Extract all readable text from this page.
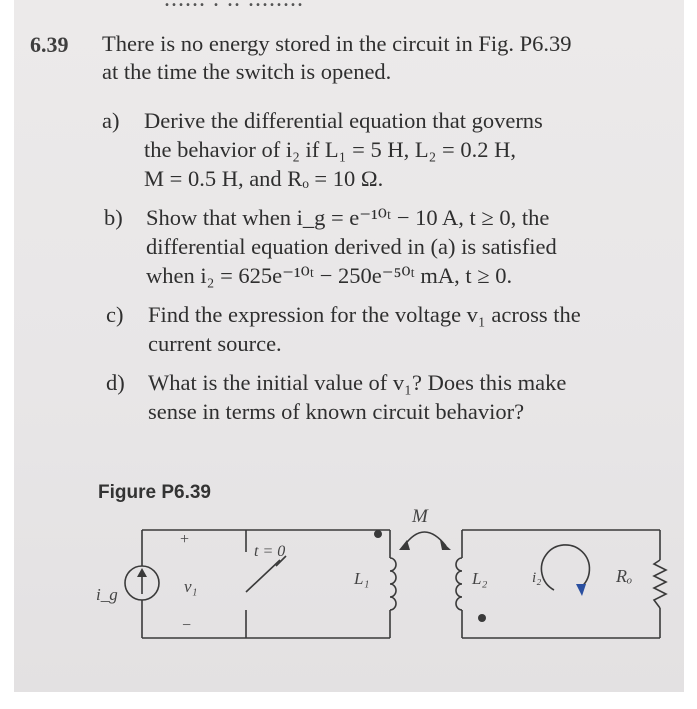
6.39 There is no energy stored in the circuit in Fig. P6.39
at the time the switch is opened.
a) Derive the differential equation that governs
the behavior of i₂ if L₁ = 5 H, L₂ = 0.2 H,
M = 0.5 H, and Rₒ = 10 Ω.
b) Show that when i_g = e⁻¹⁰ᵗ − 10 A, t ≥ 0, the
differential equation derived in (a) is satisfied
when i₂ = 625e⁻¹⁰ᵗ − 250e⁻⁵⁰ᵗ mA, t ≥ 0.
c) Find the expression for the voltage v₁ across the
current source.
d) What is the initial value of v₁? Does this make
sense in terms of known circuit behavior?
Figure P6.39
+
−
i_g	v₁
t = 0
L₁
M
L₂	i₂	Rₒ
